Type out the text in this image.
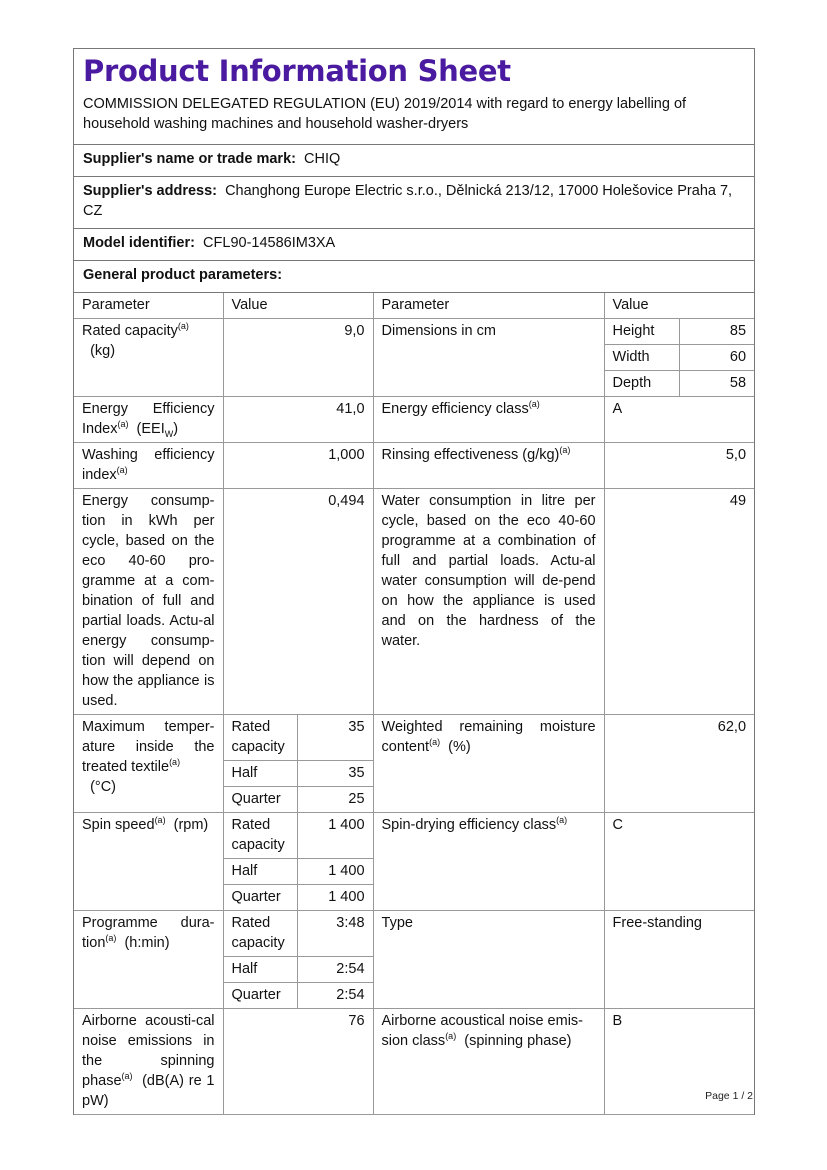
Product Information Sheet
COMMISSION DELEGATED REGULATION (EU) 2019/2014 with regard to energy labelling of household washing machines and household washer-dryers
Supplier's name or trade mark: CHIQ
Supplier's address: Changhong Europe Electric s.r.o., Dělnická 213/12, 17000 Holešovice Praha 7, CZ
Model identifier: CFL90-14586IM3XA
General product parameters:
Parameter	Value		Parameter	Value	
Rated capacity$^{(a)}$
(kg)	9,0		Dimensions in cm	Height	85
				Width	60
				Depth	58
Energy Efficiency Index$^{(a)}$ $(EEI_W)$	41,0		Energy efficiency class$^{(a)}$	A	
Washing efficiency index$^{(a)}$	1,000		Rinsing effectiveness $(g/kg)^{(a)}$	5,0	
Energy consump-tion in kWh per cycle, based on the eco 40-60 pro-gramme at a com-bination of full and partial loads. Actu-al energy consump-tion will depend on how the appliance is used.	0,494		Water consumption in litre per cycle, based on the eco 40-60 programme at a combination of full and partial loads. Actu-al water consumption will de-pend on how the appliance is used and on the hardness of the water.	49	
Maximum temper-ature inside the treated textile$^{(a)}$
(°C)	Rated capacity	35	Weighted remaining moisture content$^{(a)}$ (%)	62,0	
	Half	35			
	Quarter	25			
Spin speed$^{(a)}$ (rpm)	Rated capacity	1 400	Spin-drying efficiency class$^{(a)}$	C	
	Half	1 400			
	Quarter	1 400			
Programme dura-tion$^{(a)}$ (h:min)	Rated capacity	3:48	Type	Free-standing	
	Half	2:54			
	Quarter	2:54			
Airborne acousti-cal noise emissions in the spinning phase$^{(a)}$ (dB(A) re 1 pW)	76		Airborne acoustical noise emis-sion class$^{(a)}$ (spinning phase)	B	
Page 1 / 2
